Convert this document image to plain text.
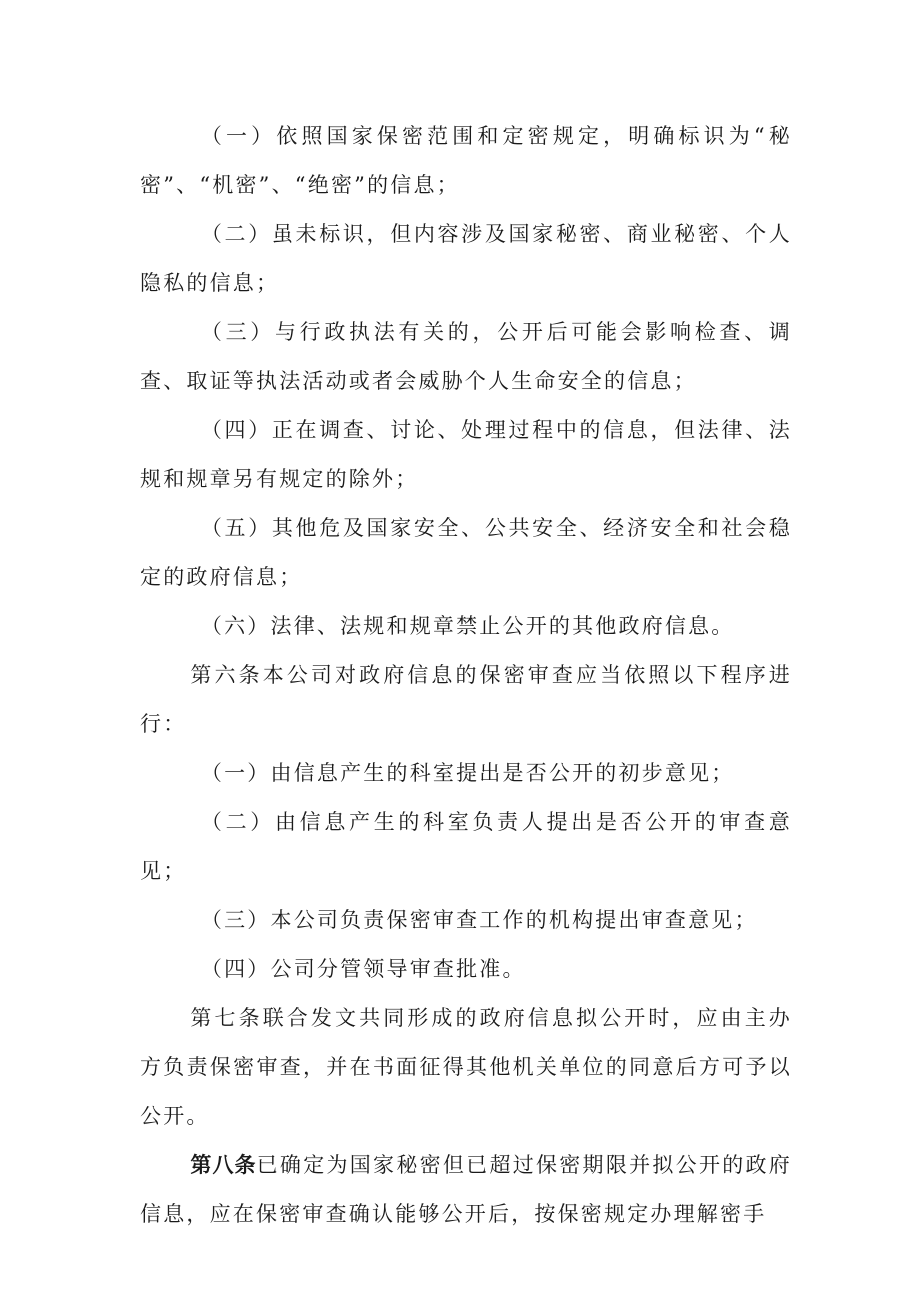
（一）依照国家保密范围和定密规定，明确标识为“秘密”、“机密”、“绝密”的信息；

（二）虽未标识，但内容涉及国家秘密、商业秘密、个人隐私的信息；

（三）与行政执法有关的，公开后可能会影响检查、调查、取证等执法活动或者会威胁个人生命安全的信息；

（四）正在调查、讨论、处理过程中的信息，但法律、法规和规章另有规定的除外；

（五）其他危及国家安全、公共安全、经济安全和社会稳定的政府信息；

（六）法律、法规和规章禁止公开的其他政府信息。

第六条本公司对政府信息的保密审查应当依照以下程序进行：

（一）由信息产生的科室提出是否公开的初步意见；

（二）由信息产生的科室负责人提出是否公开的审查意见；

（三）本公司负责保密审查工作的机构提出审查意见；

（四）公司分管领导审查批准。

第七条联合发文共同形成的政府信息拟公开时，应由主办方负责保密审查，并在书面征得其他机关单位的同意后方可予以公开。

第八条已确定为国家秘密但已超过保密期限并拟公开的政府信息，应在保密审查确认能够公开后，按保密规定办理解密手
